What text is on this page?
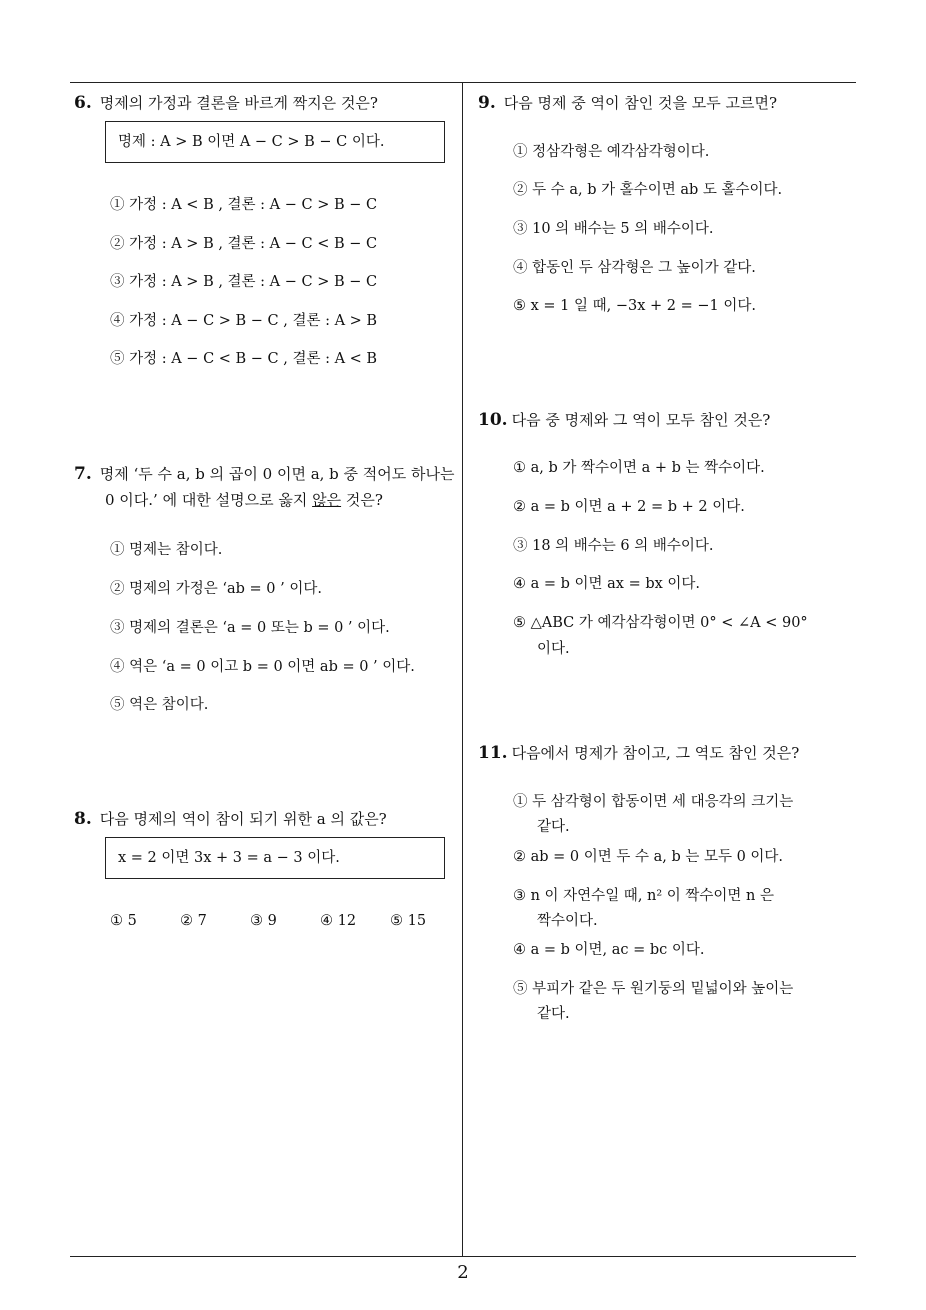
2
6. 명제의 가정과 결론을 바르게 짝지은 것은?
명제 : A > B 이면 A − C > B − C 이다.
① 가정 : A < B , 결론 : A − C > B − C
② 가정 : A > B , 결론 : A − C < B − C
③ 가정 : A > B , 결론 : A − C > B − C
④ 가정 : A − C > B − C , 결론 : A > B
⑤ 가정 : A − C < B − C , 결론 : A < B
7. 명제 ‘두 수 a, b 의 곱이 0 이면 a, b 중 적어도 하나는
0 이다.’ 에 대한 설명으로 옳지 않은 것은?
① 명제는 참이다.
② 명제의 가정은 ‘ab = 0 ’ 이다.
③ 명제의 결론은 ‘a = 0 또는 b = 0 ’ 이다.
④ 역은 ‘a = 0 이고 b = 0 이면 ab = 0 ’ 이다.
⑤ 역은 참이다.
8. 다음 명제의 역이 참이 되기 위한 a 의 값은?
x = 2 이면 3x + 3 = a − 3 이다.
① 5	② 7	③ 9	④ 12 ⑤ 15
9. 다음 명제 중 역이 참인 것을 모두 고르면?
① 정삼각형은 예각삼각형이다.
② 두 수 a, b 가 홀수이면 ab 도 홀수이다.
③ 10 의 배수는 5 의 배수이다.
④ 합동인 두 삼각형은 그 높이가 같다.
⑤ x = 1 일 때, −3x + 2 = −1 이다.
10. 다음 중 명제와 그 역이 모두 참인 것은?
① a, b 가 짝수이면 a + b 는 짝수이다.
② a = b 이면 a + 2 = b + 2 이다.
③ 18 의 배수는 6 의 배수이다.
④ a = b 이면 ax = bx 이다.
⑤ △ABC 가 예각삼각형이면 0° < ∠A < 90°
이다.
11. 다음에서 명제가 참이고, 그 역도 참인 것은?
① 두 삼각형이 합동이면 세 대응각의 크기는
같다.
② ab = 0 이면 두 수 a, b 는 모두 0 이다.
③ n 이 자연수일 때, n² 이 짝수이면 n 은
짝수이다.
④ a = b 이면, ac = bc 이다.
⑤ 부피가 같은 두 원기둥의 밑넓이와 높이는
같다.
